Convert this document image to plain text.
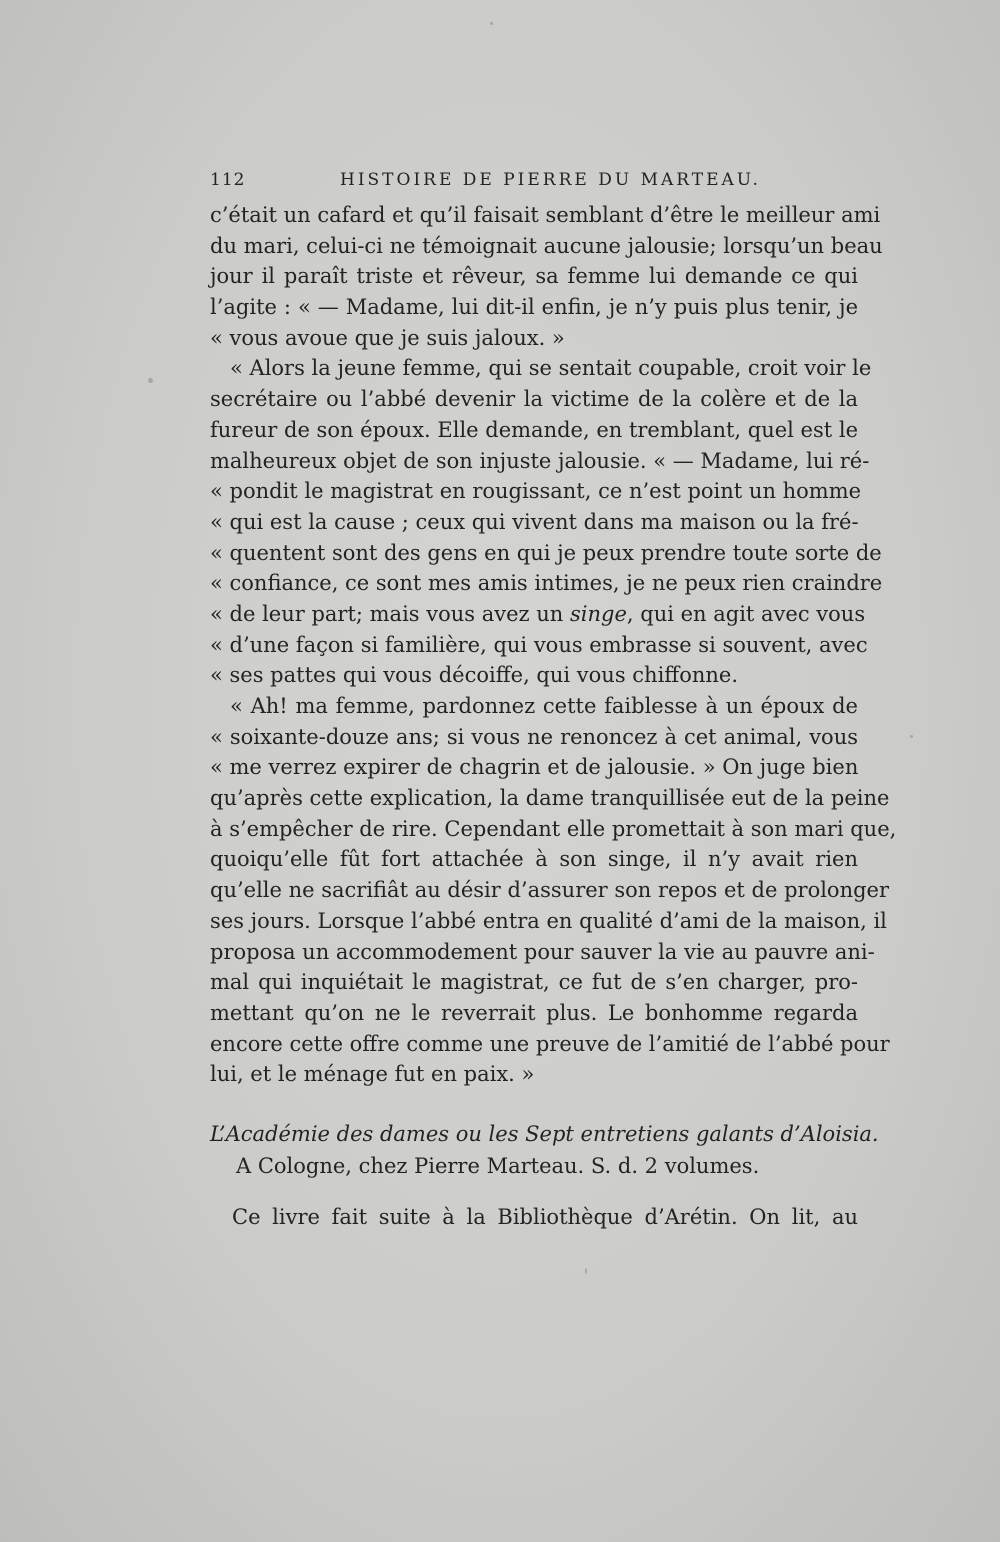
112	HISTOIRE DE PIERRE DU MARTEAU.
c’était un cafard et qu’il faisait semblant d’être le meilleur ami
du mari, celui-ci ne témoignait aucune jalousie; lorsqu’un beau
jour il paraît triste et rêveur, sa femme lui demande ce qui
l’agite : « — Madame, lui dit-il enfin, je n’y puis plus tenir, je
« vous avoue que je suis jaloux. »
« Alors la jeune femme, qui se sentait coupable, croit voir le
secrétaire ou l’abbé devenir la victime de la colère et de la
fureur de son époux. Elle demande, en tremblant, quel est le
malheureux objet de son injuste jalousie. « — Madame, lui ré-
« pondit le magistrat en rougissant, ce n’est point un homme
« qui est la cause ; ceux qui vivent dans ma maison ou la fré-
« quentent sont des gens en qui je peux prendre toute sorte de
« confiance, ce sont mes amis intimes, je ne peux rien craindre
« de leur part; mais vous avez un singe, qui en agit avec vous
« d’une façon si familière, qui vous embrasse si souvent, avec
« ses pattes qui vous décoiffe, qui vous chiffonne.
« Ah! ma femme, pardonnez cette faiblesse à un époux de
« soixante-douze ans; si vous ne renoncez à cet animal, vous
« me verrez expirer de chagrin et de jalousie. » On juge bien
qu’après cette explication, la dame tranquillisée eut de la peine
à s’empêcher de rire. Cependant elle promettait à son mari que,
quoiqu’elle fût fort attachée à son singe, il n’y avait rien
qu’elle ne sacrifiât au désir d’assurer son repos et de prolonger
ses jours. Lorsque l’abbé entra en qualité d’ami de la maison, il
proposa un accommodement pour sauver la vie au pauvre ani-
mal qui inquiétait le magistrat, ce fut de s’en charger, pro-
mettant qu’on ne le reverrait plus. Le bonhomme regarda
encore cette offre comme une preuve de l’amitié de l’abbé pour
lui, et le ménage fut en paix. »
L’Académie des dames ou les Sept entretiens galants d’Aloisia.
A Cologne, chez Pierre Marteau. S. d. 2 volumes.
Ce livre fait suite à la Bibliothèque d’Arétin. On lit, au
